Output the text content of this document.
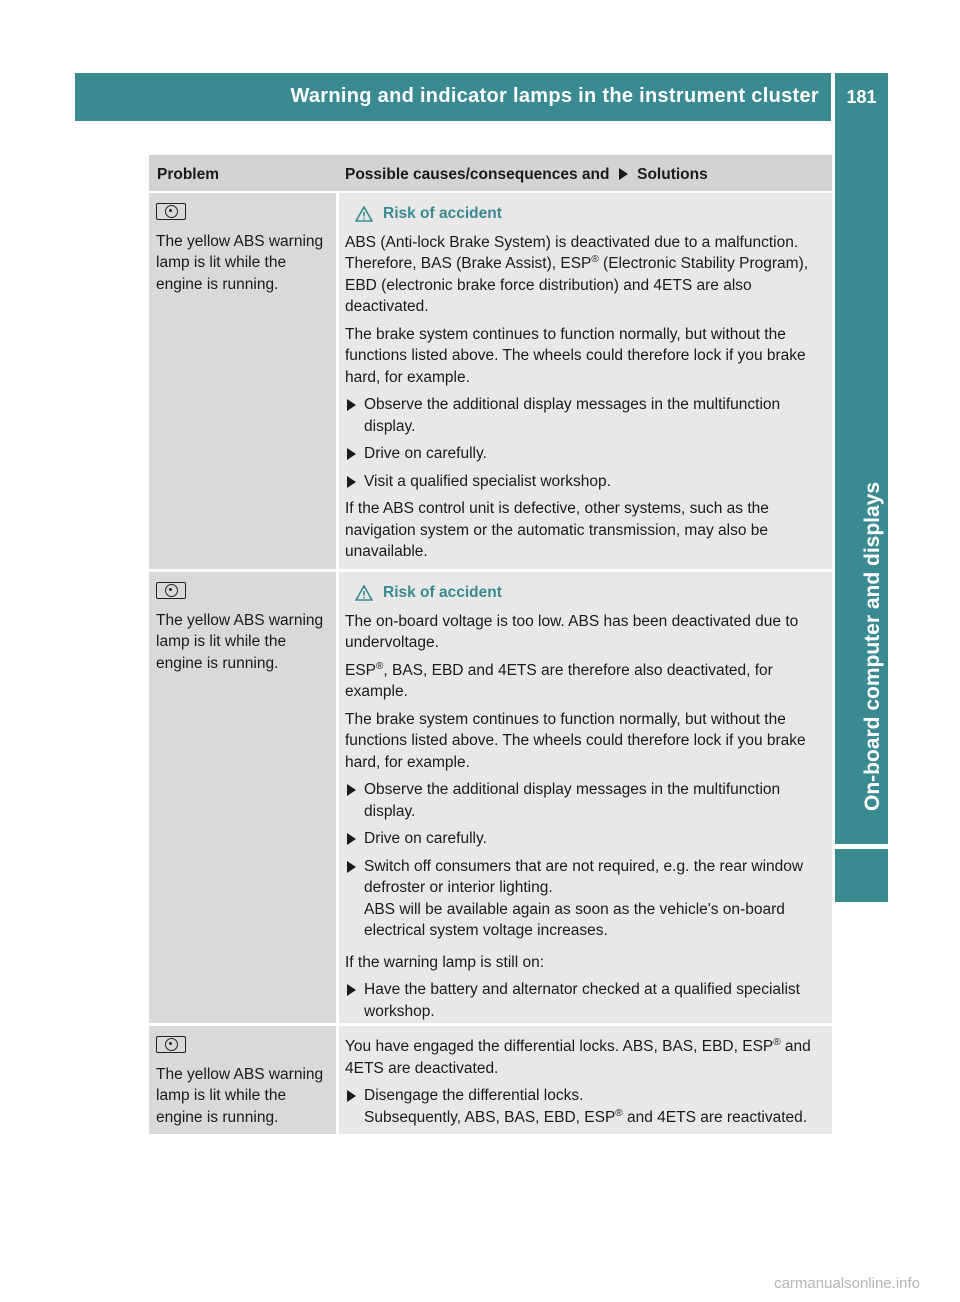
Warning and indicator lamps in the instrument cluster	181
On-board computer and displays
Problem	Possible causes/consequences and Solutions

The yellow ABS warning lamp is lit while the engine is running.

Risk of accident

ABS (Anti-lock Brake System) is deactivated due to a malfunction. Therefore, BAS (Brake Assist), ESP® (Electronic Stability Program), EBD (electronic brake force distribution) and 4ETS are also deactivated.

The brake system continues to function normally, but without the functions listed above. The wheels could therefore lock if you brake hard, for example.

Observe the additional display messages in the multifunction display.
Drive on carefully.
Visit a qualified specialist workshop.

If the ABS control unit is defective, other systems, such as the navigation system or the automatic transmission, may also be unavailable.

The yellow ABS warning lamp is lit while the engine is running.

Risk of accident

The on-board voltage is too low. ABS has been deactivated due to undervoltage.

ESP®, BAS, EBD and 4ETS are therefore also deactivated, for example.

The brake system continues to function normally, but without the functions listed above. The wheels could therefore lock if you brake hard, for example.

Observe the additional display messages in the multifunction display.
Drive on carefully.
Switch off consumers that are not required, e.g. the rear window defroster or interior lighting.
ABS will be available again as soon as the vehicle's on-board electrical system voltage increases.

If the warning lamp is still on:

Have the battery and alternator checked at a qualified specialist workshop.

The yellow ABS warning lamp is lit while the engine is running.

You have engaged the differential locks. ABS, BAS, EBD, ESP® and 4ETS are deactivated.

Disengage the differential locks.
Subsequently, ABS, BAS, EBD, ESP® and 4ETS are reactivated.
carmanualsonline.info
